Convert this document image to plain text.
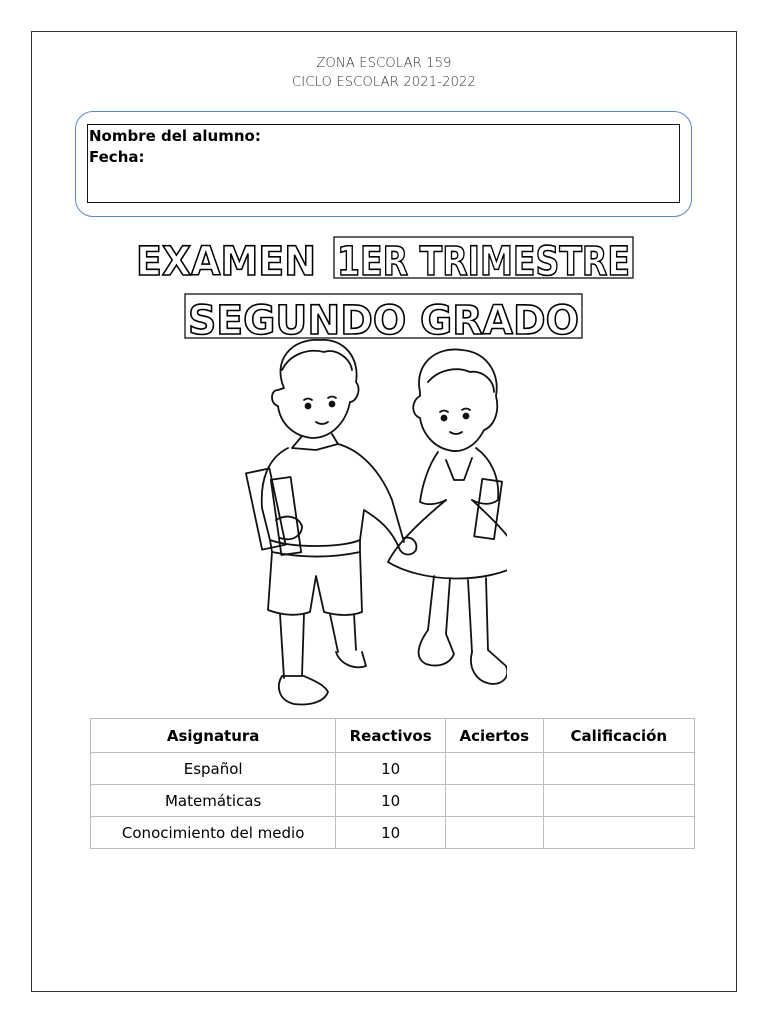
ZONA ESCOLAR 159
CICLO ESCOLAR 2021-2022
Nombre del alumno:
Fecha:
EXAMEN 1ER TRIMESTRE
SEGUNDO GRADO
Asignatura	Reactivos	Aciertos	Calificación
Español	10		
Matemáticas	10		
Conocimiento del medio	10		
